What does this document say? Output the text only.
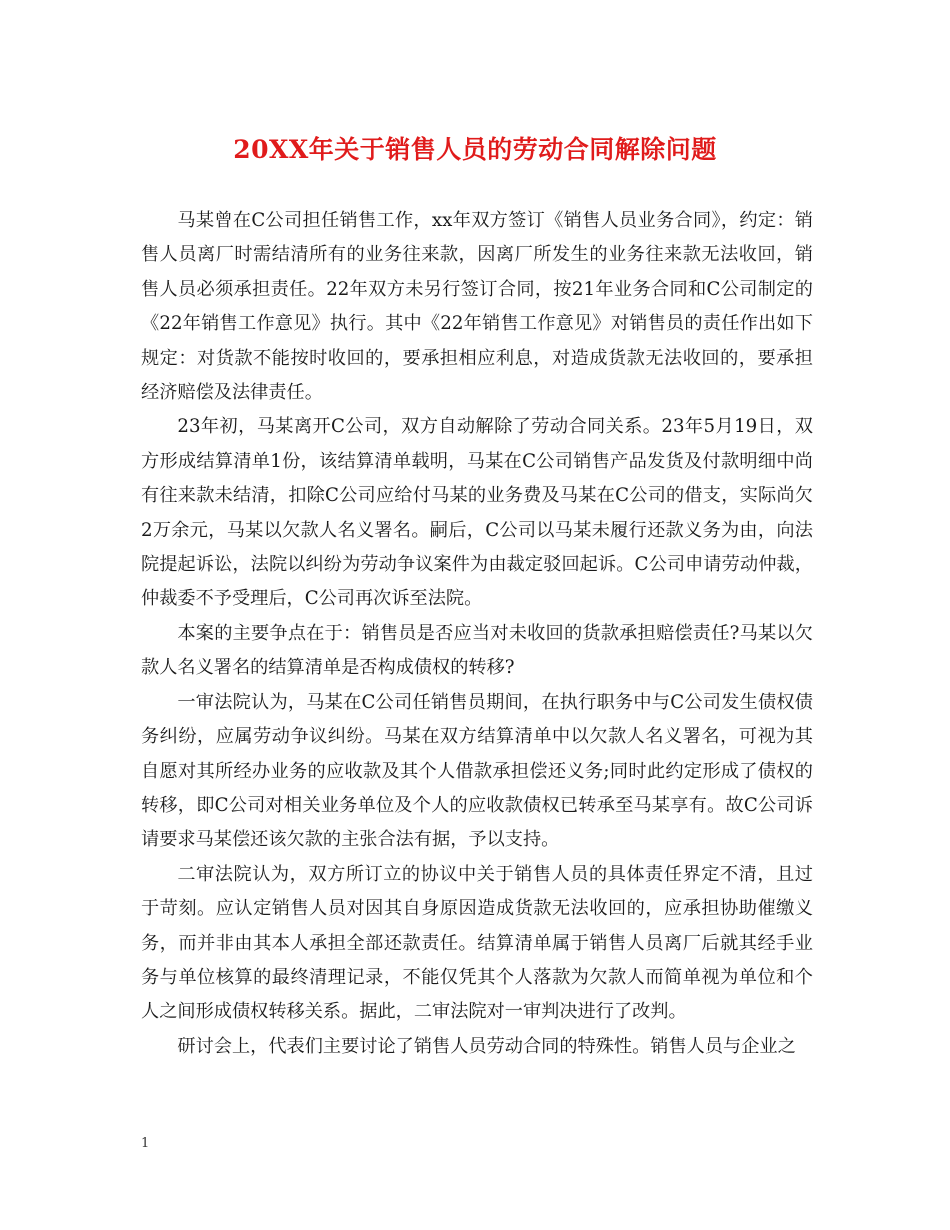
20XX年关于销售人员的劳动合同解除问题

马某曾在C公司担任销售工作，xx年双方签订《销售人员业务合同》，约定：销售人员离厂时需结清所有的业务往来款，因离厂所发生的业务往来款无法收回，销售人员必须承担责任。22年双方未另行签订合同，按21年业务合同和C公司制定的《22年销售工作意见》执行。其中《22年销售工作意见》对销售员的责任作出如下规定：对货款不能按时收回的，要承担相应利息，对造成货款无法收回的，要承担经济赔偿及法律责任。

23年初，马某离开C公司，双方自动解除了劳动合同关系。23年5月19日，双方形成结算清单1份，该结算清单载明，马某在C公司销售产品发货及付款明细中尚有往来款未结清，扣除C公司应给付马某的业务费及马某在C公司的借支，实际尚欠2万余元，马某以欠款人名义署名。嗣后，C公司以马某未履行还款义务为由，向法院提起诉讼，法院以纠纷为劳动争议案件为由裁定驳回起诉。C公司申请劳动仲裁，仲裁委不予受理后，C公司再次诉至法院。

本案的主要争点在于：销售员是否应当对未收回的货款承担赔偿责任?马某以欠款人名义署名的结算清单是否构成债权的转移?

一审法院认为，马某在C公司任销售员期间，在执行职务中与C公司发生债权债务纠纷，应属劳动争议纠纷。马某在双方结算清单中以欠款人名义署名，可视为其自愿对其所经办业务的应收款及其个人借款承担偿还义务;同时此约定形成了债权的转移，即C公司对相关业务单位及个人的应收款债权已转承至马某享有。故C公司诉请要求马某偿还该欠款的主张合法有据，予以支持。

二审法院认为，双方所订立的协议中关于销售人员的具体责任界定不清，且过于苛刻。应认定销售人员对因其自身原因造成货款无法收回的，应承担协助催缴义务，而并非由其本人承担全部还款责任。结算清单属于销售人员离厂后就其经手业务与单位核算的最终清理记录，不能仅凭其个人落款为欠款人而简单视为单位和个人之间形成债权转移关系。据此，二审法院对一审判决进行了改判。

研讨会上，代表们主要讨论了销售人员劳动合同的特殊性。销售人员与企业之

1
